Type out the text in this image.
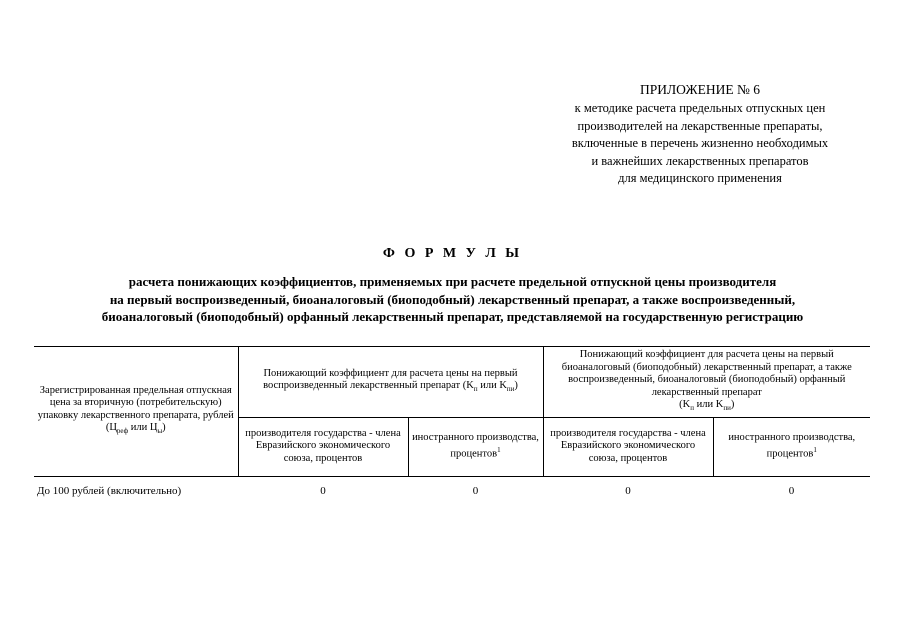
ПРИЛОЖЕНИЕ № 6
к методике расчета предельных отпускных цен
производителей на лекарственные препараты,
включенные в перечень жизненно необходимых
и важнейших лекарственных препаратов
для медицинского применения
Ф О Р М У Л Ы
расчета понижающих коэффициентов, применяемых при расчете предельной отпускной цены производителя
на первый воспроизведенный, биоаналоговый (биоподобный) лекарственный препарат, а также воспроизведенный,
биоаналоговый (биоподобный) орфанный лекарственный препарат, представляемой на государственную регистрацию
Зарегистрированная предельная отпускная цена за вторичную (потребительскую) упаковку лекарственного препарата, рублей
($Ц_{реф}$ или $Ц_ы$)	Понижающий коэффициент для расчета цены на первый воспроизведенный лекарственный препарат ($K_п$ или $K_{пи}$)		Понижающий коэффициент для расчета цены на первый биоаналоговый (биоподобный) лекарственный препарат, а также воспроизведенный, биоаналоговый (биоподобный) орфанный лекарственный препарат
($K_п$ или $K_{пи}$)	
	производителя государства - члена Евразийского экономического союза, процентов	иностранного производства, процентов$^1$	производителя государства - члена Евразийского экономического союза, процентов	иностранного производства, процентов$^1$
До 100 рублей (включительно)	0	0	0	0
